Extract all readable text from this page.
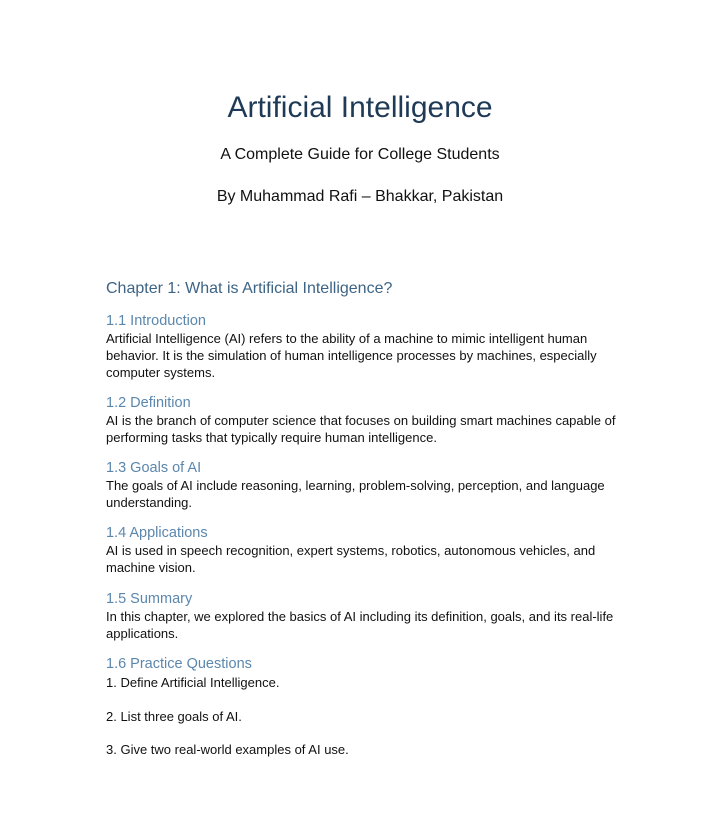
Artificial Intelligence
A Complete Guide for College Students
By Muhammad Rafi – Bhakkar, Pakistan
Chapter 1: What is Artificial Intelligence?

1.1 Introduction

Artificial Intelligence (AI) refers to the ability of a machine to mimic intelligent human behavior. It is the simulation of human intelligence processes by machines, especially computer systems.

1.2 Definition

AI is the branch of computer science that focuses on building smart machines capable of performing tasks that typically require human intelligence.

1.3 Goals of AI

The goals of AI include reasoning, learning, problem-solving, perception, and language understanding.

1.4 Applications

AI is used in speech recognition, expert systems, robotics, autonomous vehicles, and machine vision.

1.5 Summary

In this chapter, we explored the basics of AI including its definition, goals, and its real-life applications.

1.6 Practice Questions

1. Define Artificial Intelligence.
2. List three goals of AI.
3. Give two real-world examples of AI use.
